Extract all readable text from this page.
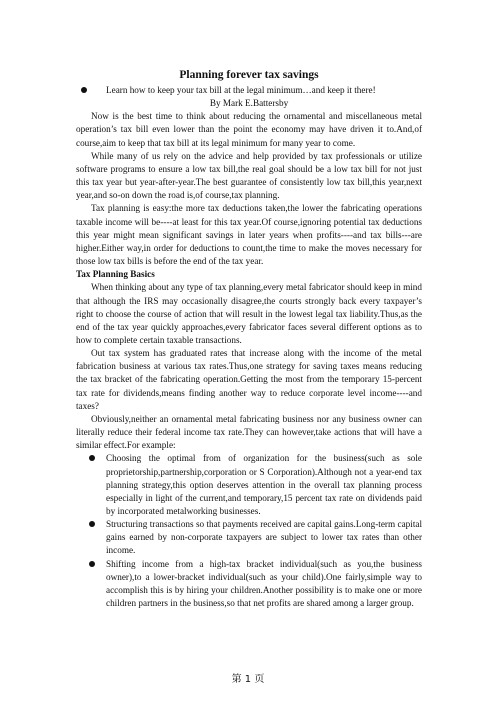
Planning forever tax savings
Learn how to keep your tax bill at the legal minimum…and keep it there!
By Mark E.Battersby

Now is the best time to think about reducing the ornamental and miscellaneous metal operation’s tax bill even lower than the point the economy may have driven it to.And,of course,aim to keep that tax bill at its legal minimum for many year to come.

While many of us rely on the advice and help provided by tax professionals or utilize software programs to ensure a low tax bill,the real goal should be a low tax bill for not just this tax year but year-after-year.The best guarantee of consistently low tax bill,this year,next year,and so-on down the road is,of course,tax planning.

Tax planning is easy:the more tax deductions taken,the lower the fabricating operations taxable income will be----at least for this tax year.Of course,ignoring potential tax deductions this year might mean significant savings in later years when profits----and tax bills---are higher.Either way,in order for deductions to count,the time to make the moves necessary for those low tax bills is before the end of the tax year.

Tax Planning Basics

When thinking about any type of tax planning,every metal fabricator should keep in mind that although the IRS may occasionally disagree,the courts strongly back every taxpayer’s right to choose the course of action that will result in the lowest legal tax liability.Thus,as the end of the tax year quickly approaches,every fabricator faces several different options as to how to complete certain taxable transactions.

Out tax system has graduated rates that increase along with the income of the metal fabrication business at various tax rates.Thus,one strategy for saving taxes means reducing the tax bracket of the fabricating operation.Getting the most from the temporary 15-percent tax rate for dividends,means finding another way to reduce corporate level income----and taxes?

Obviously,neither an ornamental metal fabricating business nor any business owner can literally reduce their federal income tax rate.They can however,take actions that will have a similar effect.For example:

Choosing the optimal from of organization for the business(such as sole proprietorship,partnership,corporation or S Corporation).Although not a year-end tax planning strategy,this option deserves attention in the overall tax planning process especially in light of the current,and temporary,15 percent tax rate on dividends paid by incorporated metalworking businesses.
Structuring transactions so that payments received are capital gains.Long-term capital gains earned by non-corporate taxpayers are subject to lower tax rates than other income.
Shifting income from a high-tax bracket individual(such as you,the business owner),to a lower-bracket individual(such as your child).One fairly,simple way to accomplish this is by hiring your children.Another possibility is to make one or more children partners in the business,so that net profits are shared among a larger group.
第 1 页
